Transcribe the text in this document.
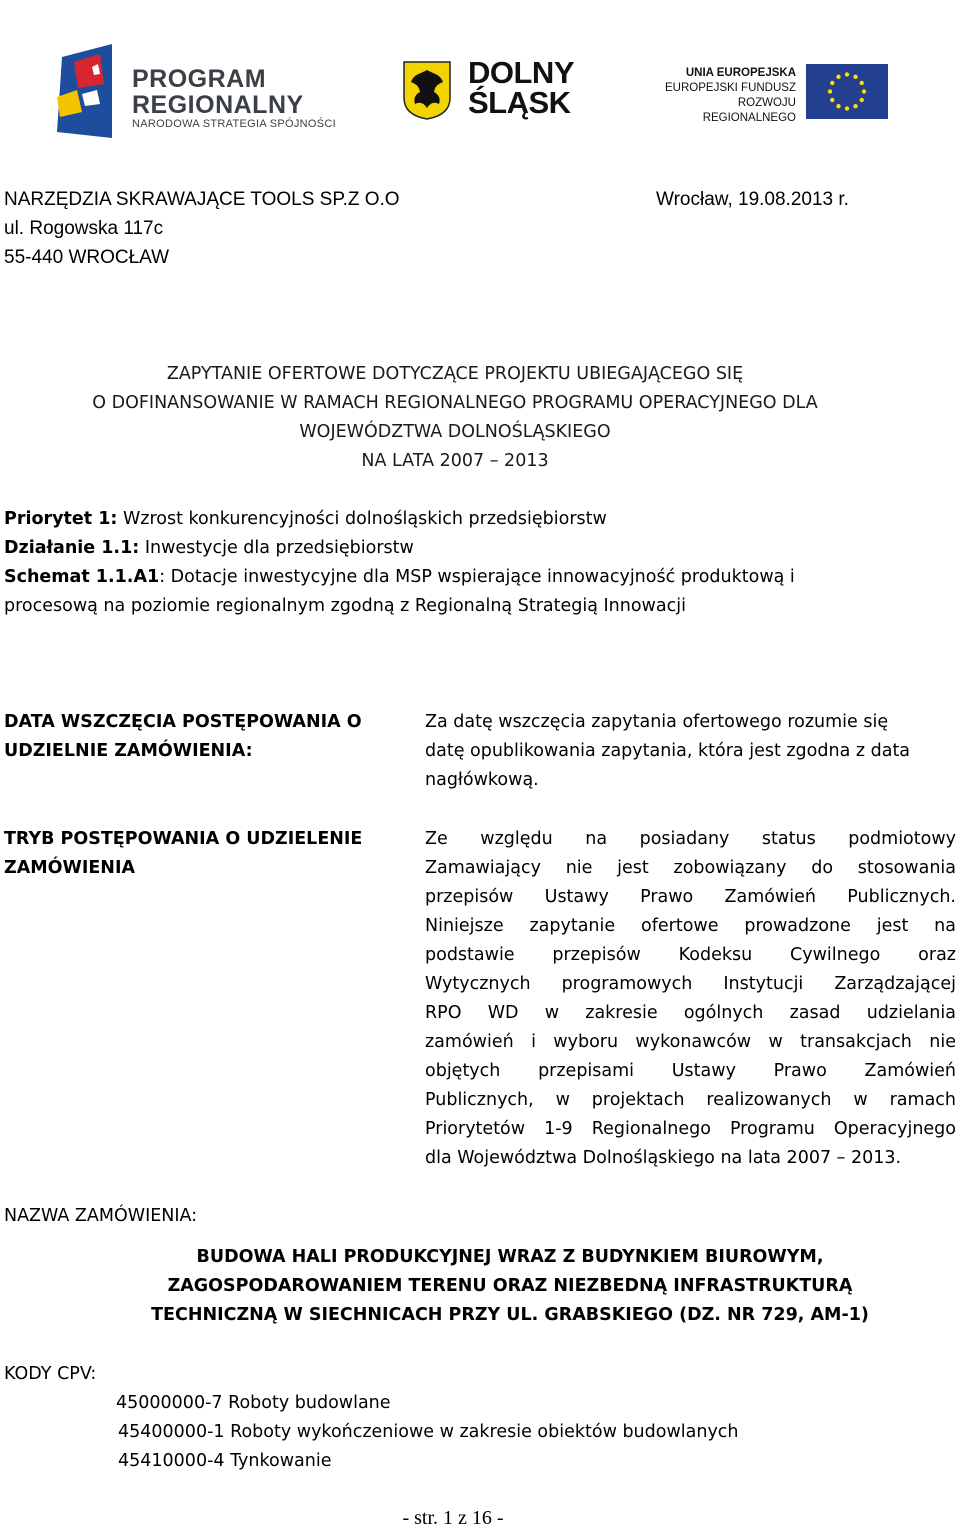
PROGRAM
REGIONALNY
NARODOWA STRATEGIA SPÓJNOŚCI
DOLNY
ŚLĄSK
UNIA EUROPEJSKA
EUROPEJSKI FUNDUSZ
ROZWOJU REGIONALNEGO
NARZĘDZIA SKRAWAJĄCE TOOLS SP.Z O.O	Wrocław, 19.08.2013 r.
ul. Rogowska 117c
55-440 WROCŁAW
ZAPYTANIE OFERTOWE DOTYCZĄCE PROJEKTU UBIEGAJĄCEGO SIĘ
O DOFINANSOWANIE W RAMACH REGIONALNEGO PROGRAMU OPERACYJNEGO DLA
WOJEWÓDZTWA DOLNOŚLĄSKIEGO
NA LATA 2007 – 2013
Priorytet 1: Wzrost konkurencyjności dolnośląskich przedsiębiorstw
Działanie 1.1: Inwestycje dla przedsiębiorstw
Schemat 1.1.A1: Dotacje inwestycyjne dla MSP wspierające innowacyjność produktową i
procesową na poziomie regionalnym zgodną z Regionalną Strategią Innowacji
DATA WSZCZĘCIA POSTĘPOWANIA O
UDZIELNIE ZAMÓWIENIA:
Za datę wszczęcia zapytania ofertowego rozumie się
datę opublikowania zapytania, która jest zgodna z data
nagłówkową.
TRYB POSTĘPOWANIA O UDZIELENIE
ZAMÓWIENIA
Ze względu na posiadany status podmiotowy
Zamawiający nie jest zobowiązany do stosowania
przepisów Ustawy Prawo Zamówień Publicznych.
Niniejsze zapytanie ofertowe prowadzone jest na
podstawie przepisów Kodeksu Cywilnego oraz
Wytycznych programowych Instytucji Zarządzającej
RPO WD w zakresie ogólnych zasad udzielania
zamówień i wyboru wykonawców w transakcjach nie
objętych przepisami Ustawy Prawo Zamówień
Publicznych, w projektach realizowanych w ramach
Priorytetów 1-9 Regionalnego Programu Operacyjnego
dla Województwa Dolnośląskiego na lata 2007 – 2013.
NAZWA ZAMÓWIENIA:
BUDOWA HALI PRODUKCYJNEJ WRAZ Z BUDYNKIEM BIUROWYM,
ZAGOSPODAROWANIEM TERENU ORAZ NIEZBEDNĄ INFRASTRUKTURĄ
TECHNICZNĄ W SIECHNICACH PRZY UL. GRABSKIEGO (DZ. NR 729, AM-1)
KODY CPV:
45000000-7 Roboty budowlane
45400000-1 Roboty wykończeniowe w zakresie obiektów budowlanych
45410000-4 Tynkowanie
- str. 1 z 16 -
